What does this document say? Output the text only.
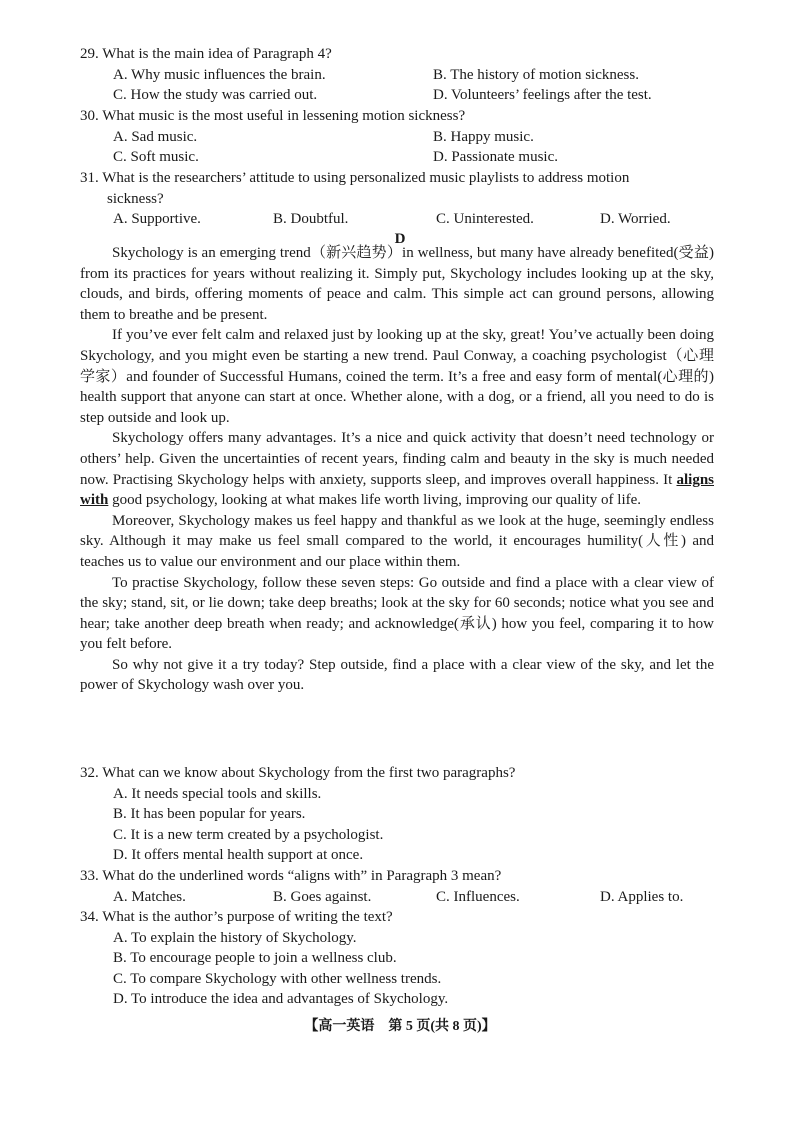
29. What is the main idea of Paragraph 4?
A. Why music influences the brain.	B. The history of motion sickness.
C. How the study was carried out.	D. Volunteers’ feelings after the test.
30. What music is the most useful in lessening motion sickness?
A. Sad music.	B. Happy music.
C. Soft music.	D. Passionate music.
31. What is the researchers’ attitude to using personalized music playlists to address motion
sickness?
A. Supportive.	B. Doubtful.	C. Uninterested.	D. Worried.
D

Skychology is an emerging trend（新兴趋势）in wellness, but many have already benefited(受益) from its practices for years without realizing it. Simply put, Skychology includes looking up at the sky, clouds, and birds, offering moments of peace and calm. This simple act can ground persons, allowing them to breathe and be present.

If you’ve ever felt calm and relaxed just by looking up at the sky, great! You’ve actually been doing Skychology, and you might even be starting a new trend. Paul Conway, a coaching psychologist（心理学家）and founder of Successful Humans, coined the term. It’s a free and easy form of mental(心理的) health support that anyone can start at once. Whether alone, with a dog, or a friend, all you need to do is step outside and look up.

Skychology offers many advantages. It’s a nice and quick activity that doesn’t need technology or others’ help. Given the uncertainties of recent years, finding calm and beauty in the sky is much needed now. Practising Skychology helps with anxiety, supports sleep, and improves overall happiness. It aligns with good psychology, looking at what makes life worth living, improving our quality of life.

Moreover, Skychology makes us feel happy and thankful as we look at the huge, seemingly endless sky. Although it may make us feel small compared to the world, it encourages humility(人性) and teaches us to value our environment and our place within them.

To practise Skychology, follow these seven steps: Go outside and find a place with a clear view of the sky; stand, sit, or lie down; take deep breaths; look at the sky for 60 seconds; notice what you see and hear; take another deep breath when ready; and acknowledge(承认) how you feel, comparing it to how you felt before.

So why not give it a try today? Step outside, find a place with a clear view of the sky, and let the power of Skychology wash over you.

32. What can we know about Skychology from the first two paragraphs?
A. It needs special tools and skills.
B. It has been popular for years.
C. It is a new term created by a psychologist.
D. It offers mental health support at once.
33. What do the underlined words “aligns with” in Paragraph 3 mean?
A. Matches.	B. Goes against.	C. Influences.	D. Applies to.
34. What is the author’s purpose of writing the text?
A. To explain the history of Skychology.
B. To encourage people to join a wellness club.
C. To compare Skychology with other wellness trends.
D. To introduce the idea and advantages of Skychology.
【高一英语　第 5 页(共 8 页)】
